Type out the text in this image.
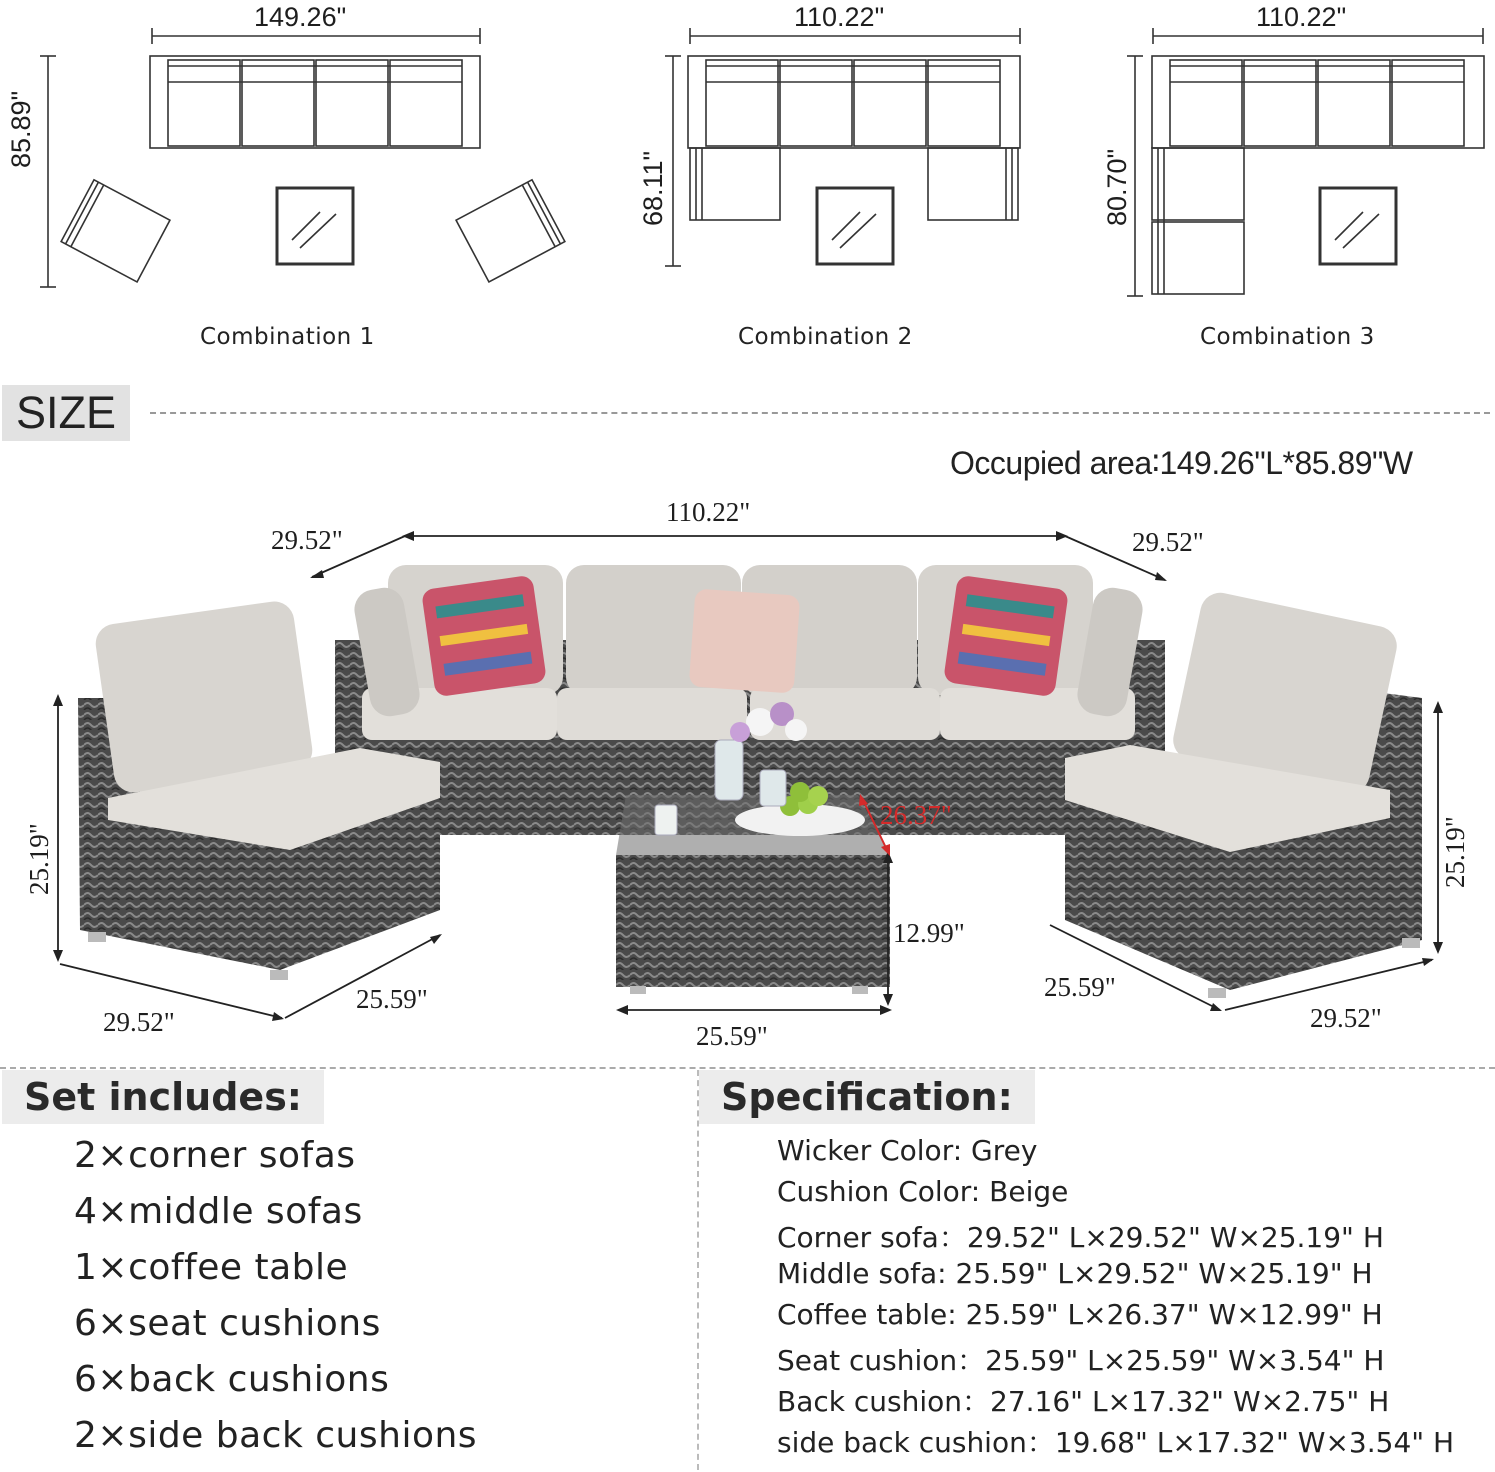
149.26"
85.89"
Combination 1
110.22"
68.11"
Combination 2
110.22"
80.70"
Combination 3
SIZE
Occupied area∶149.26"L*85.89"W
110.22"
29.52"	29.52"
25.19"	25.19"
29.52"
25.59"
26.37"
12.99"
25.59"
25.59"
29.52"
Set includes:
2×corner sofas
4×middle sofas
1×coffee table
6×seat cushions
6×back cushions
2×side back cushions
Specification:
Wicker Color: Grey
Cushion Color: Beige
Corner sofa：29.52" L×29.52" W×25.19" H
Middle sofa: 25.59" L×29.52" W×25.19" H
Coffee table: 25.59" L×26.37" W×12.99" H
Seat cushion：25.59" L×25.59" W×3.54" H
Back cushion：27.16" L×17.32" W×2.75" H
side back cushion：19.68" L×17.32" W×3.54" H
